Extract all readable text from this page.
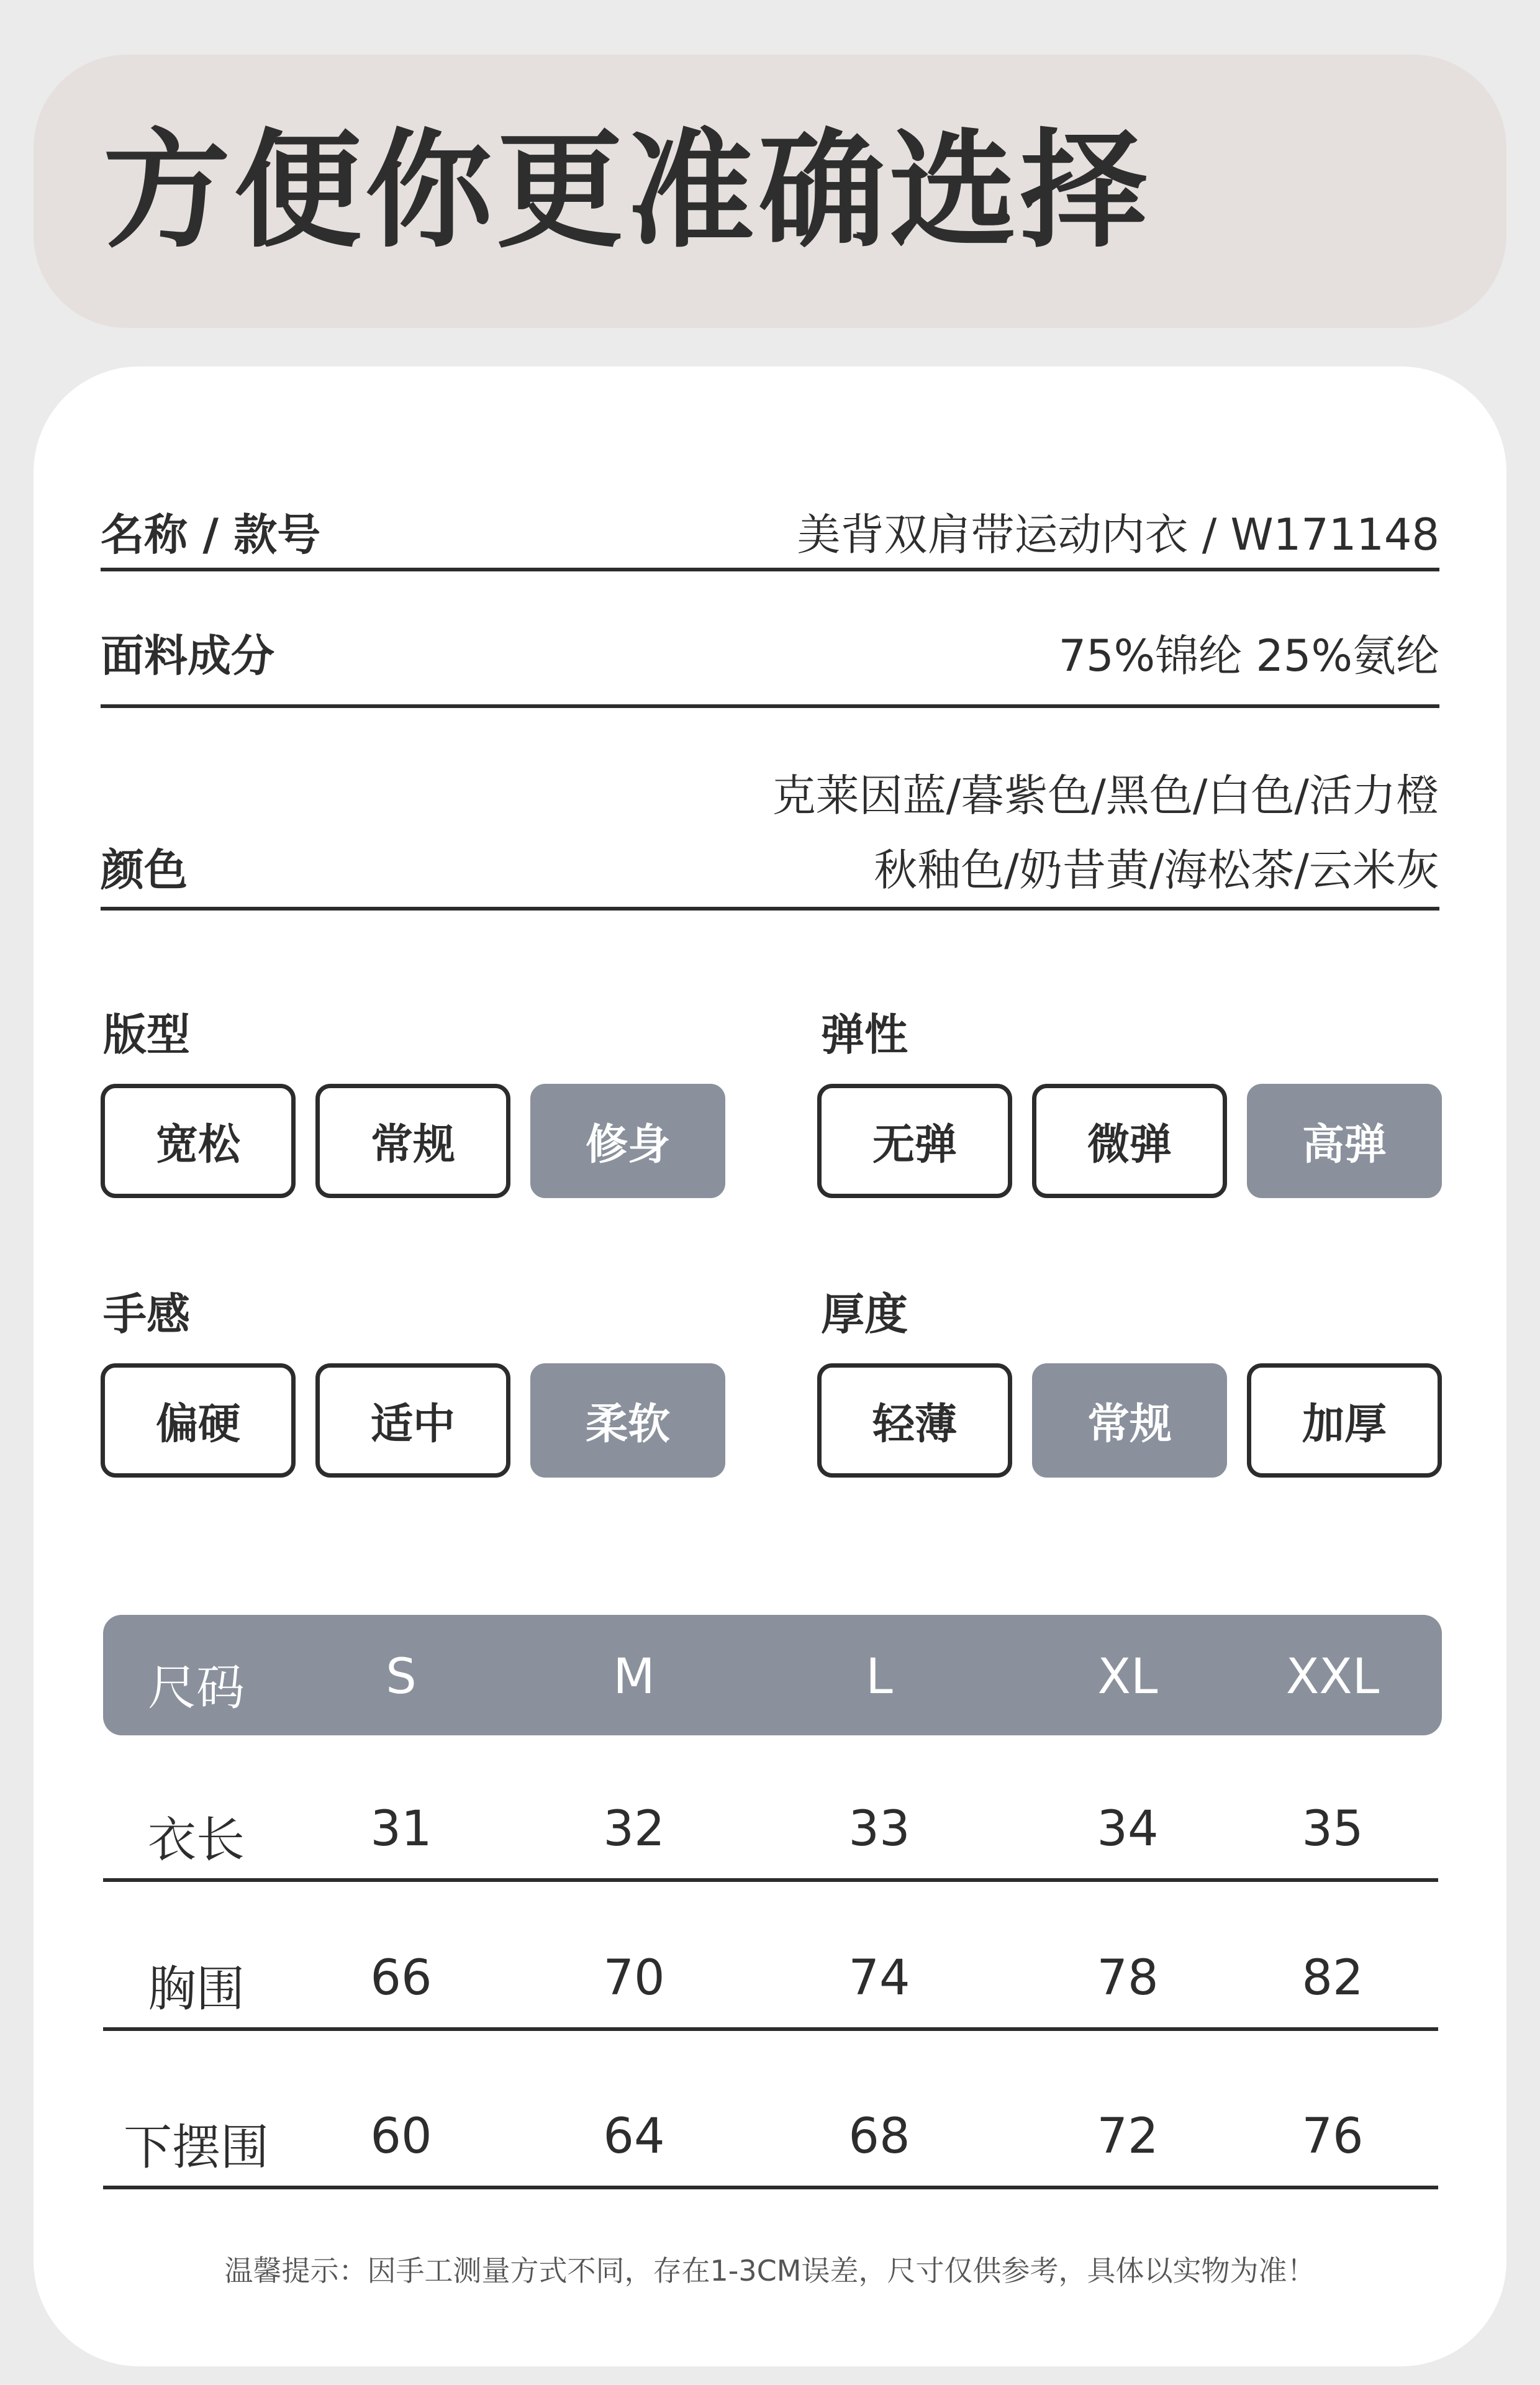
方便你更准确选择
名称 / 款号	美背双肩带运动内衣 / W171148
面料成分	75%锦纶 25%氨纶
颜色
克莱因蓝/暮紫色/黑色/白色/活力橙
秋釉色/奶昔黄/海松茶/云米灰
版型
宽松	常规	修身
弹性
无弹	微弹	高弹
手感
偏硬	适中	柔软
厚度
轻薄	常规	加厚
尺码	S	M	L	XL	XXL
衣长	31	32	33	34	35
胸围	66	70	74	78	82
下摆围	60	64	68	72	76
温馨提示：因手工测量方式不同，存在1-3CM误差，尺寸仅供参考，具体以实物为准！
